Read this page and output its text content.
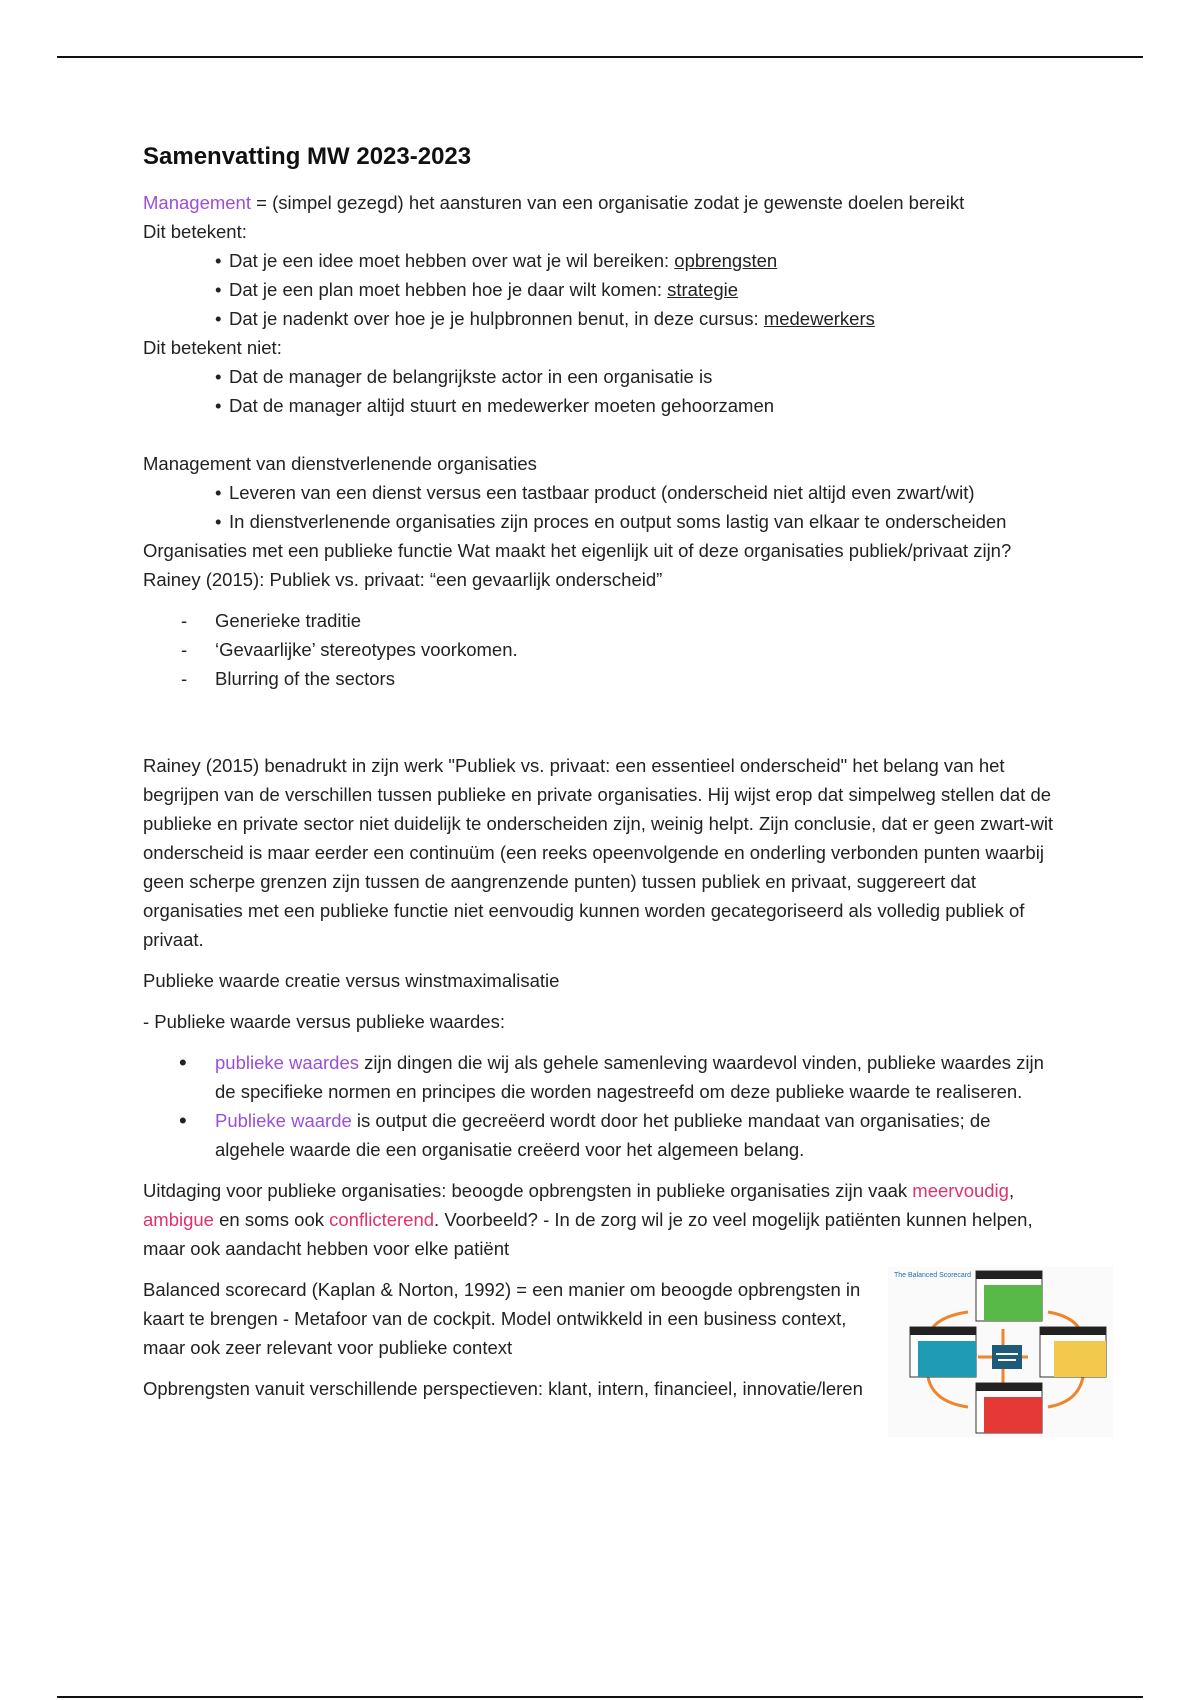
Samenvatting MW 2023-2023

Management = (simpel gezegd) het aansturen van een organisatie zodat je gewenste doelen bereikt

Dit betekent:

• Dat je een idee moet hebben over wat je wil bereiken: opbrengsten
• Dat je een plan moet hebben hoe je daar wilt komen: strategie
• Dat je nadenkt over hoe je je hulpbronnen benut, in deze cursus: medewerkers

Dit betekent niet:

• Dat de manager de belangrijkste actor in een organisatie is
• Dat de manager altijd stuurt en medewerker moeten gehoorzamen

Management van dienstverlenende organisaties

• Leveren van een dienst versus een tastbaar product (onderscheid niet altijd even zwart/wit)
• In dienstverlenende organisaties zijn proces en output soms lastig van elkaar te onderscheiden

Organisaties met een publieke functie Wat maakt het eigenlijk uit of deze organisaties publiek/privaat zijn? Rainey (2015): Publiek vs. privaat: “een gevaarlijk onderscheid”

- Generieke traditie
- ‘Gevaarlijke’ stereotypes voorkomen.
- Blurring of the sectors

Rainey (2015) benadrukt in zijn werk "Publiek vs. privaat: een essentieel onderscheid" het belang van het begrijpen van de verschillen tussen publieke en private organisaties. Hij wijst erop dat simpelweg stellen dat de publieke en private sector niet duidelijk te onderscheiden zijn, weinig helpt. Zijn conclusie, dat er geen zwart-wit onderscheid is maar eerder een continuüm (een reeks opeenvolgende en onderling verbonden punten waarbij geen scherpe grenzen zijn tussen de aangrenzende punten) tussen publiek en privaat, suggereert dat organisaties met een publieke functie niet eenvoudig kunnen worden gecategoriseerd als volledig publiek of privaat.

Publieke waarde creatie versus winstmaximalisatie

- Publieke waarde versus publieke waardes:

• publieke waardes zijn dingen die wij als gehele samenleving waardevol vinden, publieke waardes zijn de specifieke normen en principes die worden nagestreefd om deze publieke waarde te realiseren.
• Publieke waarde is output die gecreëerd wordt door het publieke mandaat van organisaties; de algehele waarde die een organisatie creëerd voor het algemeen belang.

Uitdaging voor publieke organisaties: beoogde opbrengsten in publieke organisaties zijn vaak meervoudig, ambigue en soms ook conflicterend. Voorbeeld? - In de zorg wil je zo veel mogelijk patiënten kunnen helpen, maar ook aandacht hebben voor elke patiënt

Balanced scorecard (Kaplan & Norton, 1992) = een manier om beoogde opbrengsten in kaart te brengen - Metafoor van de cockpit. Model ontwikkeld in een business context, maar ook zeer relevant voor publieke context

Opbrengsten vanuit verschillende perspectieven: klant, intern, financieel, innovatie/leren

The Balanced Scorecard
